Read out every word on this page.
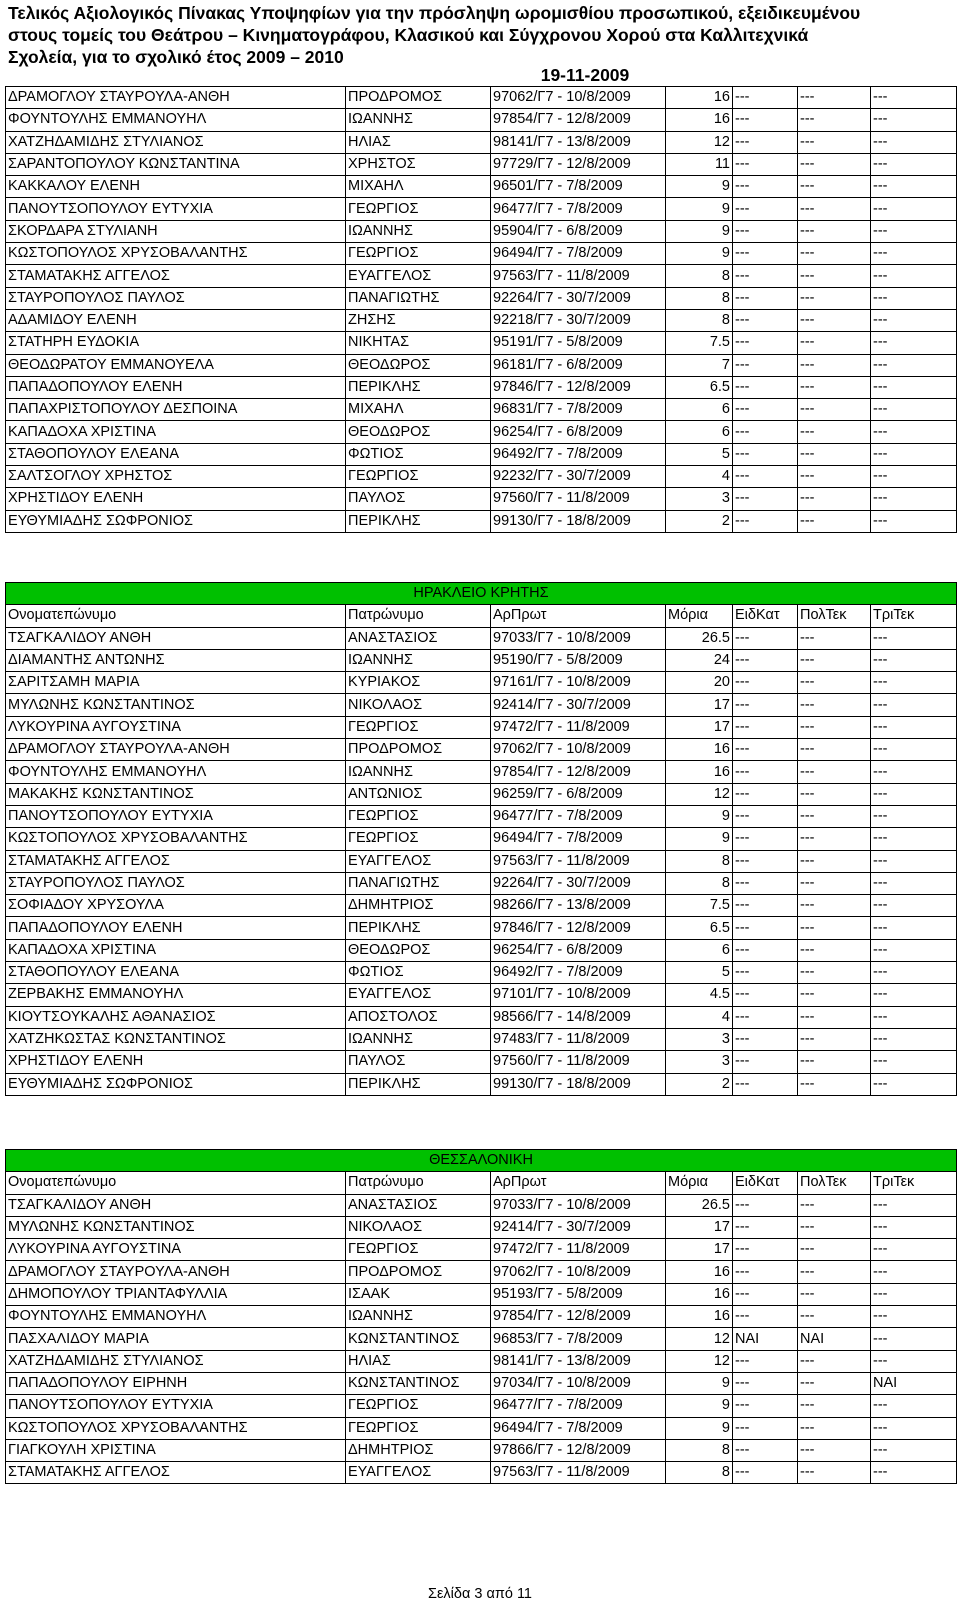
Τελικός Αξιολογικός Πίνακας Υποψηφίων για την πρόσληψη ωρομισθίου προσωπικού, εξειδικευμένου
στους τομείς του Θεάτρου – Κινηματογράφου, Κλασικού και Σύγχρονου Χορού στα Καλλιτεχνικά
Σχολεία, για το σχολικό έτος 2009 – 2010
19-11-2009
ΔΡΑΜΟΓΛΟΥ ΣΤΑΥΡΟΥΛΑ-ΑΝΘΗ	ΠΡΟΔΡΟΜΟΣ	97062/Γ7 - 10/8/2009	16	---	---	---
ΦΟΥΝΤΟΥΛΗΣ ΕΜΜΑΝΟΥΗΛ	ΙΩΑΝΝΗΣ	97854/Γ7 - 12/8/2009	16	---	---	---
ΧΑΤΖΗΔΑΜΙΔΗΣ ΣΤΥΛΙΑΝΟΣ	ΗΛΙΑΣ	98141/Γ7 - 13/8/2009	12	---	---	---
ΣΑΡΑΝΤΟΠΟΥΛΟΥ ΚΩΝΣΤΑΝΤΙΝΑ	ΧΡΗΣΤΟΣ	97729/Γ7 - 12/8/2009	11	---	---	---
ΚΑΚΚΑΛΟΥ ΕΛΕΝΗ	ΜΙΧΑΗΛ	96501/Γ7 - 7/8/2009	9	---	---	---
ΠΑΝΟΥΤΣΟΠΟΥΛΟΥ ΕΥΤΥΧΙΑ	ΓΕΩΡΓΙΟΣ	96477/Γ7 - 7/8/2009	9	---	---	---
ΣΚΟΡΔΑΡΑ ΣΤΥΛΙΑΝΗ	ΙΩΑΝΝΗΣ	95904/Γ7 - 6/8/2009	9	---	---	---
ΚΩΣΤΟΠΟΥΛΟΣ ΧΡΥΣΟΒΑΛΑΝΤΗΣ	ΓΕΩΡΓΙΟΣ	96494/Γ7 - 7/8/2009	9	---	---	---
ΣΤΑΜΑΤΑΚΗΣ ΑΓΓΕΛΟΣ	ΕΥΑΓΓΕΛΟΣ	97563/Γ7 - 11/8/2009	8	---	---	---
ΣΤΑΥΡΟΠΟΥΛΟΣ ΠΑΥΛΟΣ	ΠΑΝΑΓΙΩΤΗΣ	92264/Γ7 - 30/7/2009	8	---	---	---
ΑΔΑΜΙΔΟΥ ΕΛΕΝΗ	ΖΗΣΗΣ	92218/Γ7 - 30/7/2009	8	---	---	---
ΣΤΑΤΗΡΗ ΕΥΔΟΚΙΑ	ΝΙΚΗΤΑΣ	95191/Γ7 - 5/8/2009	7.5	---	---	---
ΘΕΟΔΩΡΑΤΟΥ ΕΜΜΑΝΟΥΕΛΑ	ΘΕΟΔΩΡΟΣ	96181/Γ7 - 6/8/2009	7	---	---	---
ΠΑΠΑΔΟΠΟΥΛΟΥ ΕΛΕΝΗ	ΠΕΡΙΚΛΗΣ	97846/Γ7 - 12/8/2009	6.5	---	---	---
ΠΑΠΑΧΡΙΣΤΟΠΟΥΛΟΥ ΔΕΣΠΟΙΝΑ	ΜΙΧΑΗΛ	96831/Γ7 - 7/8/2009	6	---	---	---
ΚΑΠΑΔΟΧΑ ΧΡΙΣΤΙΝΑ	ΘΕΟΔΩΡΟΣ	96254/Γ7 - 6/8/2009	6	---	---	---
ΣΤΑΘΟΠΟΥΛΟΥ ΕΛΕΑΝΑ	ΦΩΤΙΟΣ	96492/Γ7 - 7/8/2009	5	---	---	---
ΣΑΛΤΣΟΓΛΟΥ ΧΡΗΣΤΟΣ	ΓΕΩΡΓΙΟΣ	92232/Γ7 - 30/7/2009	4	---	---	---
ΧΡΗΣΤΙΔΟΥ ΕΛΕΝΗ	ΠΑΥΛΟΣ	97560/Γ7 - 11/8/2009	3	---	---	---
ΕΥΘΥΜΙΑΔΗΣ ΣΩΦΡΟΝΙΟΣ	ΠΕΡΙΚΛΗΣ	99130/Γ7 - 18/8/2009	2	---	---	---
ΗΡΑΚΛΕΙΟ ΚΡΗΤΗΣ						
Ονοματεπώνυμο	Πατρώνυμο	ΑρΠρωτ	Μόρια	ΕιδΚατ	ΠολΤεκ	ΤριΤεκ
ΤΣΑΓΚΑΛΙΔΟΥ ΑΝΘΗ	ΑΝΑΣΤΑΣΙΟΣ	97033/Γ7 - 10/8/2009	26.5	---	---	---
ΔΙΑΜΑΝΤΗΣ ΑΝΤΩΝΗΣ	ΙΩΑΝΝΗΣ	95190/Γ7 - 5/8/2009	24	---	---	---
ΣΑΡΙΤΣΑΜΗ ΜΑΡΙΑ	ΚΥΡΙΑΚΟΣ	97161/Γ7 - 10/8/2009	20	---	---	---
ΜΥΛΩΝΗΣ ΚΩΝΣΤΑΝΤΙΝΟΣ	ΝΙΚΟΛΑΟΣ	92414/Γ7 - 30/7/2009	17	---	---	---
ΛΥΚΟΥΡΙΝΑ ΑΥΓΟΥΣΤΙΝΑ	ΓΕΩΡΓΙΟΣ	97472/Γ7 - 11/8/2009	17	---	---	---
ΔΡΑΜΟΓΛΟΥ ΣΤΑΥΡΟΥΛΑ-ΑΝΘΗ	ΠΡΟΔΡΟΜΟΣ	97062/Γ7 - 10/8/2009	16	---	---	---
ΦΟΥΝΤΟΥΛΗΣ ΕΜΜΑΝΟΥΗΛ	ΙΩΑΝΝΗΣ	97854/Γ7 - 12/8/2009	16	---	---	---
ΜΑΚΑΚΗΣ ΚΩΝΣΤΑΝΤΙΝΟΣ	ΑΝΤΩΝΙΟΣ	96259/Γ7 - 6/8/2009	12	---	---	---
ΠΑΝΟΥΤΣΟΠΟΥΛΟΥ ΕΥΤΥΧΙΑ	ΓΕΩΡΓΙΟΣ	96477/Γ7 - 7/8/2009	9	---	---	---
ΚΩΣΤΟΠΟΥΛΟΣ ΧΡΥΣΟΒΑΛΑΝΤΗΣ	ΓΕΩΡΓΙΟΣ	96494/Γ7 - 7/8/2009	9	---	---	---
ΣΤΑΜΑΤΑΚΗΣ ΑΓΓΕΛΟΣ	ΕΥΑΓΓΕΛΟΣ	97563/Γ7 - 11/8/2009	8	---	---	---
ΣΤΑΥΡΟΠΟΥΛΟΣ ΠΑΥΛΟΣ	ΠΑΝΑΓΙΩΤΗΣ	92264/Γ7 - 30/7/2009	8	---	---	---
ΣΟΦΙΑΔΟΥ ΧΡΥΣΟΥΛΑ	ΔΗΜΗΤΡΙΟΣ	98266/Γ7 - 13/8/2009	7.5	---	---	---
ΠΑΠΑΔΟΠΟΥΛΟΥ ΕΛΕΝΗ	ΠΕΡΙΚΛΗΣ	97846/Γ7 - 12/8/2009	6.5	---	---	---
ΚΑΠΑΔΟΧΑ ΧΡΙΣΤΙΝΑ	ΘΕΟΔΩΡΟΣ	96254/Γ7 - 6/8/2009	6	---	---	---
ΣΤΑΘΟΠΟΥΛΟΥ ΕΛΕΑΝΑ	ΦΩΤΙΟΣ	96492/Γ7 - 7/8/2009	5	---	---	---
ΖΕΡΒΑΚΗΣ ΕΜΜΑΝΟΥΗΛ	ΕΥΑΓΓΕΛΟΣ	97101/Γ7 - 10/8/2009	4.5	---	---	---
ΚΙΟΥΤΣΟΥΚΑΛΗΣ ΑΘΑΝΑΣΙΟΣ	ΑΠΟΣΤΟΛΟΣ	98566/Γ7 - 14/8/2009	4	---	---	---
ΧΑΤΖΗΚΩΣΤΑΣ ΚΩΝΣΤΑΝΤΙΝΟΣ	ΙΩΑΝΝΗΣ	97483/Γ7 - 11/8/2009	3	---	---	---
ΧΡΗΣΤΙΔΟΥ ΕΛΕΝΗ	ΠΑΥΛΟΣ	97560/Γ7 - 11/8/2009	3	---	---	---
ΕΥΘΥΜΙΑΔΗΣ ΣΩΦΡΟΝΙΟΣ	ΠΕΡΙΚΛΗΣ	99130/Γ7 - 18/8/2009	2	---	---	---
ΘΕΣΣΑΛΟΝΙΚΗ						
Ονοματεπώνυμο	Πατρώνυμο	ΑρΠρωτ	Μόρια	ΕιδΚατ	ΠολΤεκ	ΤριΤεκ
ΤΣΑΓΚΑΛΙΔΟΥ ΑΝΘΗ	ΑΝΑΣΤΑΣΙΟΣ	97033/Γ7 - 10/8/2009	26.5	---	---	---
ΜΥΛΩΝΗΣ ΚΩΝΣΤΑΝΤΙΝΟΣ	ΝΙΚΟΛΑΟΣ	92414/Γ7 - 30/7/2009	17	---	---	---
ΛΥΚΟΥΡΙΝΑ ΑΥΓΟΥΣΤΙΝΑ	ΓΕΩΡΓΙΟΣ	97472/Γ7 - 11/8/2009	17	---	---	---
ΔΡΑΜΟΓΛΟΥ ΣΤΑΥΡΟΥΛΑ-ΑΝΘΗ	ΠΡΟΔΡΟΜΟΣ	97062/Γ7 - 10/8/2009	16	---	---	---
ΔΗΜΟΠΟΥΛΟΥ ΤΡΙΑΝΤΑΦΥΛΛΙΑ	ΙΣΑΑΚ	95193/Γ7 - 5/8/2009	16	---	---	---
ΦΟΥΝΤΟΥΛΗΣ ΕΜΜΑΝΟΥΗΛ	ΙΩΑΝΝΗΣ	97854/Γ7 - 12/8/2009	16	---	---	---
ΠΑΣΧΑΛΙΔΟΥ ΜΑΡΙΑ	ΚΩΝΣΤΑΝΤΙΝΟΣ	96853/Γ7 - 7/8/2009	12	ΝΑΙ	ΝΑΙ	---
ΧΑΤΖΗΔΑΜΙΔΗΣ ΣΤΥΛΙΑΝΟΣ	ΗΛΙΑΣ	98141/Γ7 - 13/8/2009	12	---	---	---
ΠΑΠΑΔΟΠΟΥΛΟΥ ΕΙΡΗΝΗ	ΚΩΝΣΤΑΝΤΙΝΟΣ	97034/Γ7 - 10/8/2009	9	---	---	ΝΑΙ
ΠΑΝΟΥΤΣΟΠΟΥΛΟΥ ΕΥΤΥΧΙΑ	ΓΕΩΡΓΙΟΣ	96477/Γ7 - 7/8/2009	9	---	---	---
ΚΩΣΤΟΠΟΥΛΟΣ ΧΡΥΣΟΒΑΛΑΝΤΗΣ	ΓΕΩΡΓΙΟΣ	96494/Γ7 - 7/8/2009	9	---	---	---
ΓΙΑΓΚΟΥΛΗ ΧΡΙΣΤΙΝΑ	ΔΗΜΗΤΡΙΟΣ	97866/Γ7 - 12/8/2009	8	---	---	---
ΣΤΑΜΑΤΑΚΗΣ ΑΓΓΕΛΟΣ	ΕΥΑΓΓΕΛΟΣ	97563/Γ7 - 11/8/2009	8	---	---	---
Σελίδα 3 από 11
